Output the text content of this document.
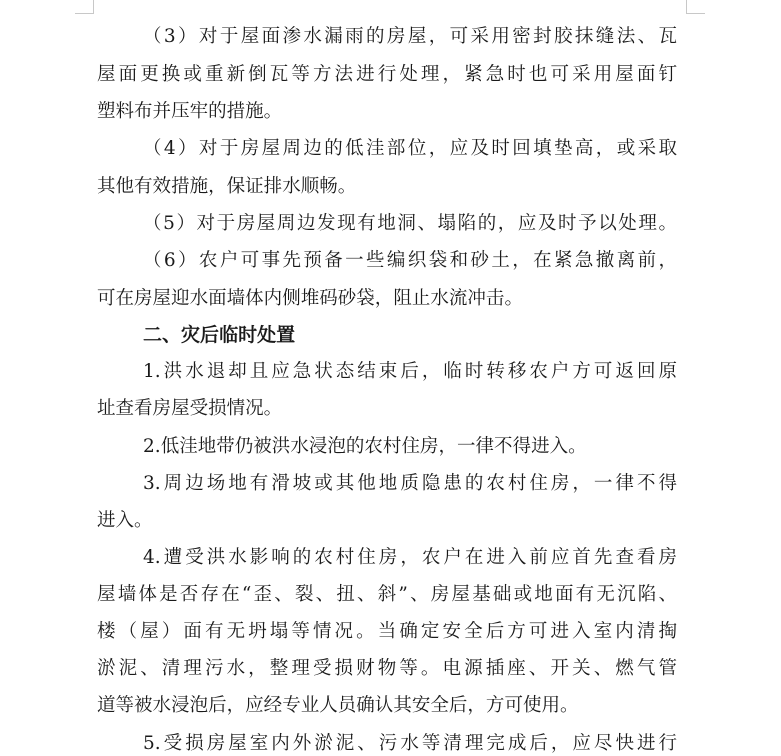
（3）对于屋面渗水漏雨的房屋，可采用密封胶抹缝法、瓦
屋面更换或重新倒瓦等方法进行处理，紧急时也可采用屋面钉
塑料布并压牢的措施。
（4）对于房屋周边的低洼部位，应及时回填垫高，或采取
其他有效措施，保证排水顺畅。
（5）对于房屋周边发现有地洞、塌陷的，应及时予以处理。
（6）农户可事先预备一些编织袋和砂土，在紧急撤离前，
可在房屋迎水面墙体内侧堆码砂袋，阻止水流冲击。
二、灾后临时处置
1.洪水退却且应急状态结束后，临时转移农户方可返回原
址查看房屋受损情况。
2.低洼地带仍被洪水浸泡的农村住房，一律不得进入。
3.周边场地有滑坡或其他地质隐患的农村住房，一律不得
进入。
4.遭受洪水影响的农村住房，农户在进入前应首先查看房
屋墙体是否存在“歪、裂、扭、斜”、房屋基础或地面有无沉陷、
楼（屋）面有无坍塌等情况。当确定安全后方可进入室内清掏
淤泥、清理污水，整理受损财物等。电源插座、开关、燃气管
道等被水浸泡后，应经专业人员确认其安全后，方可使用。
5.受损房屋室内外淤泥、污水等清理完成后，应尽快进行
